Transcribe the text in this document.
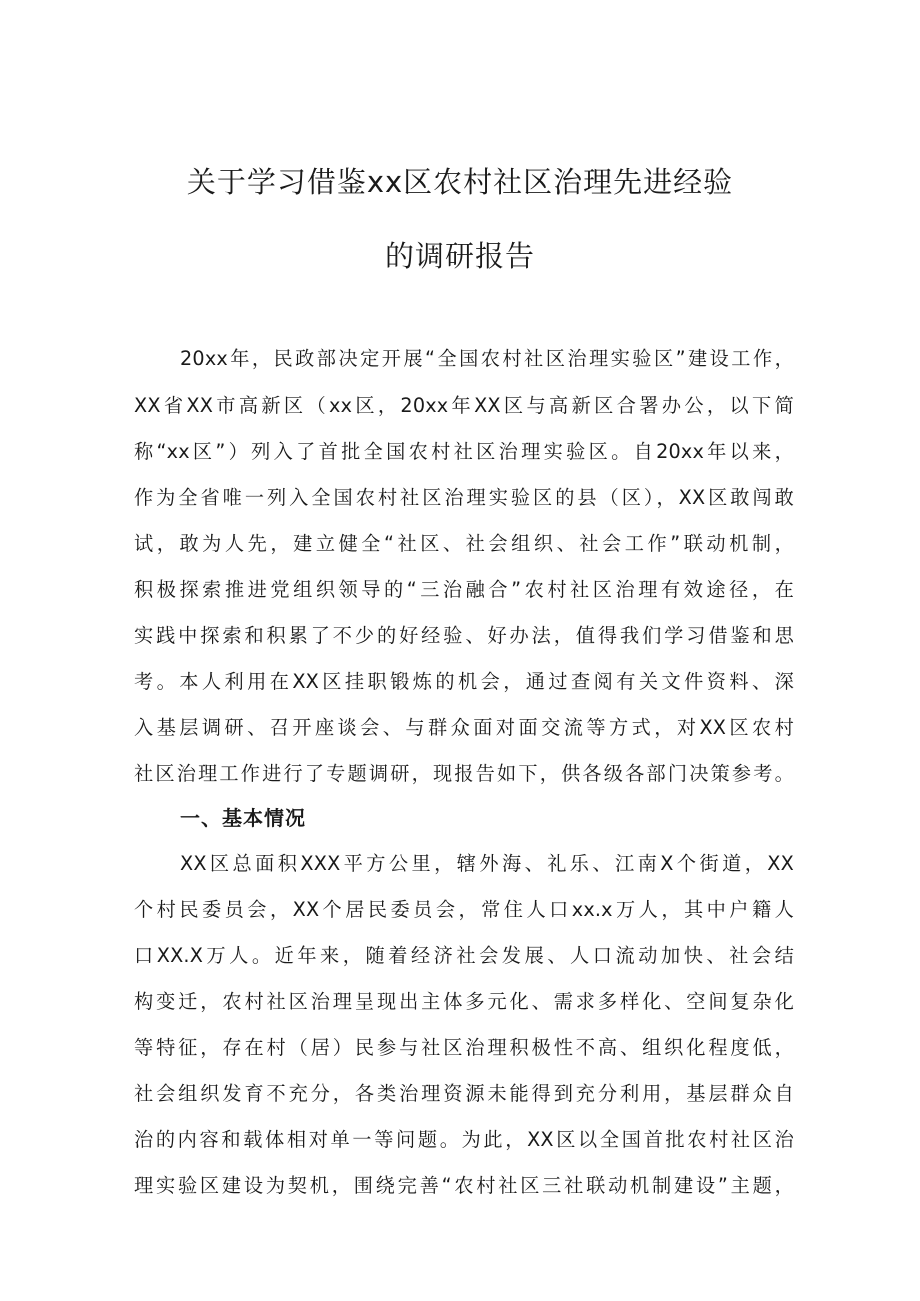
关于学习借鉴xx区农村社区治理先进经验
的调研报告
20xx年，民政部决定开展“全国农村社区治理实验区”建设工作，
XX省XX市高新区（xx区，20xx年XX区与高新区合署办公，以下简
称“xx区”）列入了首批全国农村社区治理实验区。自20xx年以来，
作为全省唯一列入全国农村社区治理实验区的县（区），XX区敢闯敢
试，敢为人先，建立健全“社区、社会组织、社会工作”联动机制，
积极探索推进党组织领导的“三治融合”农村社区治理有效途径，在
实践中探索和积累了不少的好经验、好办法，值得我们学习借鉴和思
考。本人利用在XX区挂职锻炼的机会，通过查阅有关文件资料、深
入基层调研、召开座谈会、与群众面对面交流等方式，对XX区农村
社区治理工作进行了专题调研，现报告如下，供各级各部门决策参考。
一、基本情况
XX区总面积XXX平方公里，辖外海、礼乐、江南X个街道，XX
个村民委员会，XX个居民委员会，常住人口xx.x万人，其中户籍人
口XX.X万人。近年来，随着经济社会发展、人口流动加快、社会结
构变迁，农村社区治理呈现出主体多元化、需求多样化、空间复杂化
等特征，存在村（居）民参与社区治理积极性不高、组织化程度低，
社会组织发育不充分，各类治理资源未能得到充分利用，基层群众自
治的内容和载体相对单一等问题。为此，XX区以全国首批农村社区治
理实验区建设为契机，围绕完善“农村社区三社联动机制建设”主题，
